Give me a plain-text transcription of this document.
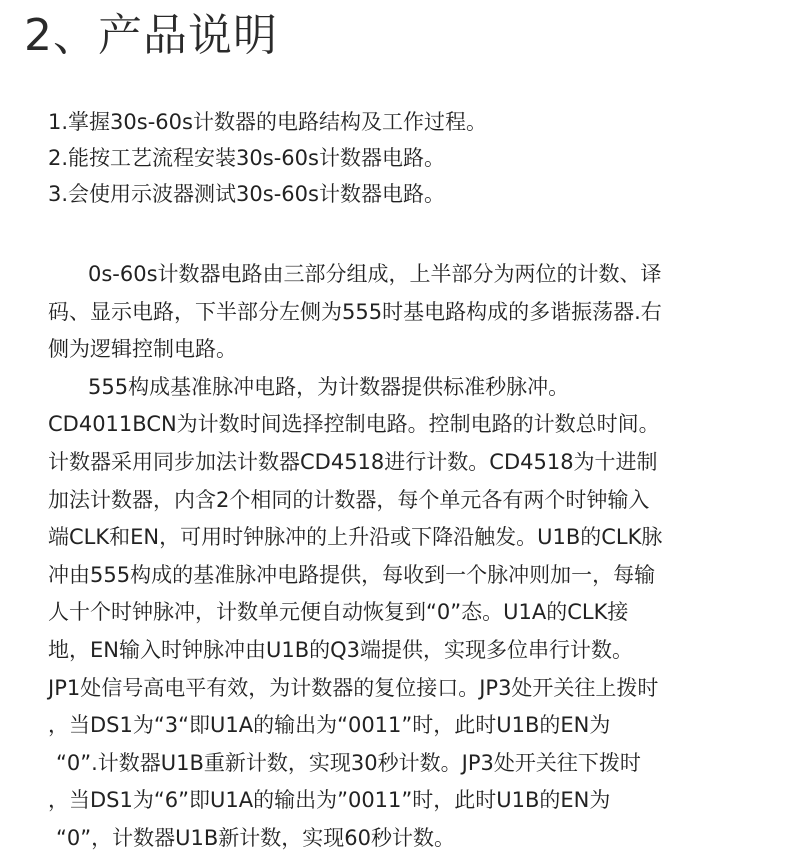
2、产品说明
1.掌握30s-60s计数器的电路结构及工作过程。
2.能按工艺流程安装30s-60s计数器电路。
3.会使用示波器测试30s-60s计数器电路。
0s-60s计数器电路由三部分组成，上半部分为两位的计数、译
码、显示电路，下半部分左侧为555时基电路构成的多谐振荡器.右
侧为逻辑控制电路。
555构成基准脉冲电路，为计数器提供标准秒脉冲。
CD4011BCN为计数时间选择控制电路。控制电路的计数总时间。
计数器采用同步加法计数器CD4518进行计数。CD4518为十进制
加法计数器，内含2个相同的计数器，每个单元各有两个时钟输入
端CLK和EN，可用时钟脉冲的上升沿或下降沿触发。U1B的CLK脉
冲由555构成的基准脉冲电路提供，每收到一个脉冲则加一，每输
人十个时钟脉冲，计数单元便自动恢复到“0”态。U1A的CLK接
地，EN输入时钟脉冲由U1B的Q3端提供，实现多位串行计数。
JP1处信号高电平有效，为计数器的复位接口。JP3处开关往上拨时
，当DS1为“3“即U1A的输出为“0011”时，此时U1B的EN为
“0”.计数器U1B重新计数，实现30秒计数。JP3处开关往下拨时
，当DS1为“6”即U1A的输出为”0011”时，此时U1B的EN为
“0”，计数器U1B新计数，实现60秒计数。
